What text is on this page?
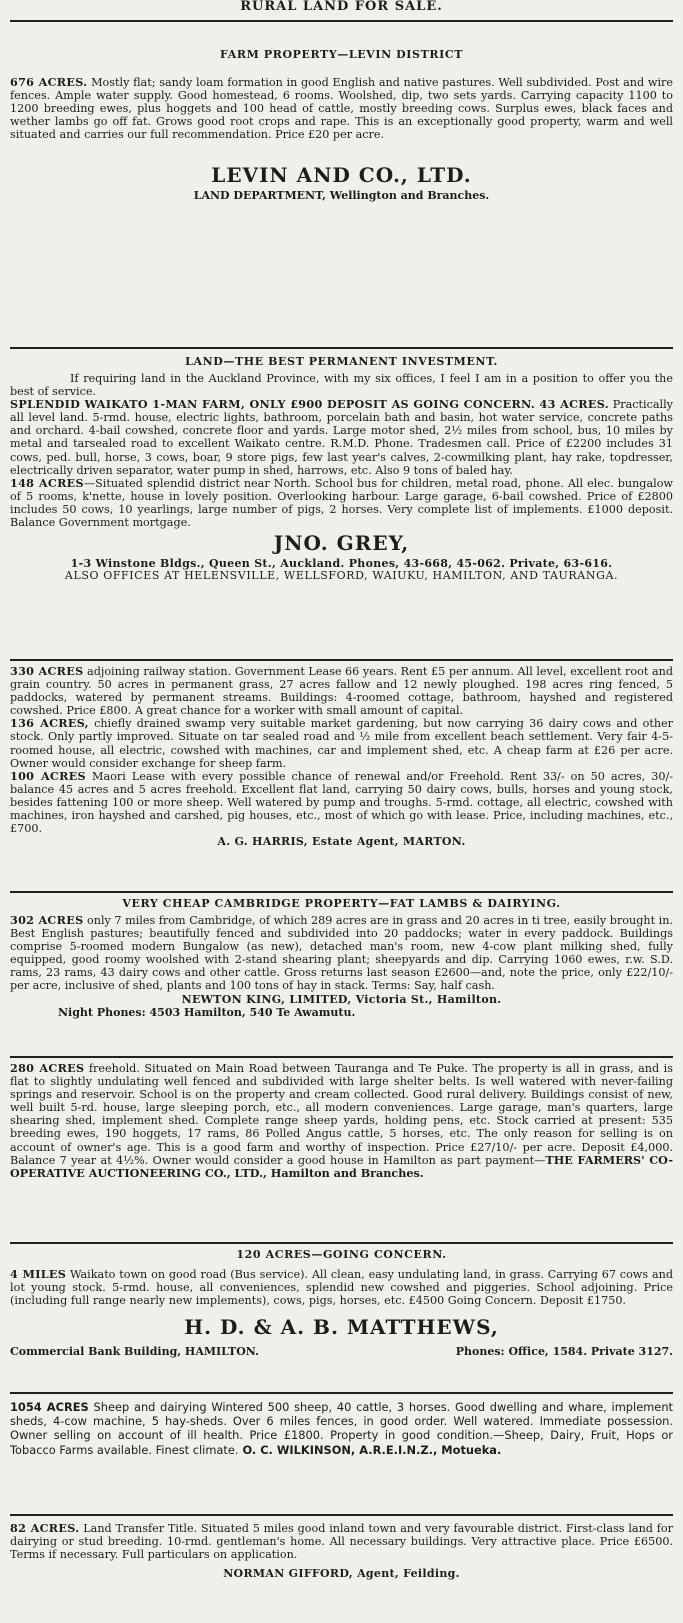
RURAL LAND FOR SALE.
FARM PROPERTY—LEVIN DISTRICT

676 ACRES. Mostly flat; sandy loam formation in good English and native pastures. Well subdivided. Post and wire fences. Ample water supply. Good homestead, 6 rooms. Woolshed, dip, two sets yards. Carrying capacity 1100 to 1200 breeding ewes, plus hoggets and 100 head of cattle, mostly breeding cows. Surplus ewes, black faces and wether lambs go off fat. Grows good root crops and rape. This is an exceptionally good property, warm and well situated and carries our full recommendation. Price £20 per acre.

LEVIN AND CO., LTD.
LAND DEPARTMENT, Wellington and Branches.
LAND—THE BEST PERMANENT INVESTMENT.

If requiring land in the Auckland Province, with my six offices, I feel I am in a position to offer you the best of service.

SPLENDID WAIKATO 1-MAN FARM, ONLY £900 DEPOSIT AS GOING CONCERN. 43 ACRES. Practically all level land. 5-rmd. house, electric lights, bathroom, porcelain bath and basin, hot water service, concrete paths and orchard. 4-bail cowshed, concrete floor and yards. Large motor shed, 2½ miles from school, bus, 10 miles by metal and tarsealed road to excellent Waikato centre. R.M.D. Phone. Tradesmen call. Price of £2200 includes 31 cows, ped. bull, horse, 3 cows, boar, 9 store pigs, few last year's calves, 2-cowmilking plant, hay rake, topdresser, electrically driven separator, water pump in shed, harrows, etc. Also 9 tons of baled hay.

148 ACRES—Situated splendid district near North. School bus for children, metal road, phone. All elec. bungalow of 5 rooms, k'nette, house in lovely position. Overlooking harbour. Large garage, 6-bail cowshed. Price of £2800 includes 50 cows, 10 yearlings, large number of pigs, 2 horses. Very complete list of implements. £1000 deposit. Balance Government mortgage.

JNO. GREY,
1-3 Winstone Bldgs., Queen St., Auckland. Phones, 43-668, 45-062. Private, 63-616.
ALSO OFFICES AT HELENSVILLE, WELLSFORD, WAIUKU, HAMILTON, AND TAURANGA.

330 ACRES adjoining railway station. Government Lease 66 years. Rent £5 per annum. All level, excellent root and grain country. 50 acres in permanent grass, 27 acres fallow and 12 newly ploughed. 198 acres ring fenced, 5 paddocks, watered by permanent streams. Buildings: 4-roomed cottage, bathroom, hayshed and registered cowshed. Price £800. A great chance for a worker with small amount of capital.

136 ACRES, chiefly drained swamp very suitable market gardening, but now carrying 36 dairy cows and other stock. Only partly improved. Situate on tar sealed road and ½ mile from excellent beach settlement. Very fair 4-5-roomed house, all electric, cowshed with machines, car and implement shed, etc. A cheap farm at £26 per acre. Owner would consider exchange for sheep farm.

100 ACRES Maori Lease with every possible chance of renewal and/or Freehold. Rent 33/- on 50 acres, 30/- balance 45 acres and 5 acres freehold. Excellent flat land, carrying 50 dairy cows, bulls, horses and young stock, besides fattening 100 or more sheep. Well watered by pump and troughs. 5-rmd. cottage, all electric, cowshed with machines, iron hayshed and carshed, pig houses, etc., most of which go with lease. Price, including machines, etc., £700.

A. G. HARRIS, Estate Agent, MARTON.
VERY CHEAP CAMBRIDGE PROPERTY—FAT LAMBS & DAIRYING.

302 ACRES only 7 miles from Cambridge, of which 289 acres are in grass and 20 acres in ti tree, easily brought in. Best English pastures; beautifully fenced and subdivided into 20 paddocks; water in every paddock. Buildings comprise 5-roomed modern Bungalow (as new), detached man's room, new 4-cow plant milking shed, fully equipped, good roomy woolshed with 2-stand shearing plant; sheepyards and dip. Carrying 1060 ewes, r.w. S.D. rams, 23 rams, 43 dairy cows and other cattle. Gross returns last season £2600—and, note the price, only £22/10/- per acre, inclusive of shed, plants and 100 tons of hay in stack. Terms: Say, half cash.

NEWTON KING, LIMITED, Victoria St., Hamilton.
Night Phones: 4503 Hamilton, 540 Te Awamutu.

280 ACRES freehold. Situated on Main Road between Tauranga and Te Puke. The property is all in grass, and is flat to slightly undulating well fenced and subdivided with large shelter belts. Is well watered with never-failing springs and reservoir. School is on the property and cream collected. Good rural delivery. Buildings consist of new, well built 5-rd. house, large sleeping porch, etc., all modern conveniences. Large garage, man's quarters, large shearing shed, implement shed. Complete range sheep yards, holding pens, etc. Stock carried at present: 535 breeding ewes, 190 hoggets, 17 rams, 86 Polled Angus cattle, 5 horses, etc. The only reason for selling is on account of owner's age. This is a good farm and worthy of inspection. Price £27/10/- per acre. Deposit £4,000. Balance 7 year at 4½%. Owner would consider a good house in Hamilton as part payment—THE FARMERS' CO-OPERATIVE AUCTIONEERING CO., LTD., Hamilton and Branches.

120 ACRES—GOING CONCERN.

4 MILES Waikato town on good road (Bus service). All clean, easy undulating land, in grass. Carrying 67 cows and lot young stock. 5-rmd. house, all conveniences, splendid new cowshed and piggeries. School adjoining. Price (including full range nearly new implements), cows, pigs, horses, etc. £4500 Going Concern. Deposit £1750.

H. D. & A. B. MATTHEWS,
Commercial Bank Building, HAMILTON.	Phones: Office, 1584. Private 3127.

1054 ACRES Sheep and dairying Wintered 500 sheep, 40 cattle, 3 horses. Good dwelling and whare, implement sheds, 4-cow machine, 5 hay-sheds. Over 6 miles fences, in good order. Well watered. Immediate possession. Owner selling on account of ill health. Price £1800. Property in good condition.—Sheep, Dairy, Fruit, Hops or Tobacco Farms available. Finest climate. O. C. WILKINSON, A.R.E.I.N.Z., Motueka.

82 ACRES. Land Transfer Title. Situated 5 miles good inland town and very favourable district. First-class land for dairying or stud breeding. 10-rmd. gentleman's home. All necessary buildings. Very attractive place. Price £6500. Terms if necessary. Full particulars on application.

NORMAN GIFFORD, Agent, Feilding.
